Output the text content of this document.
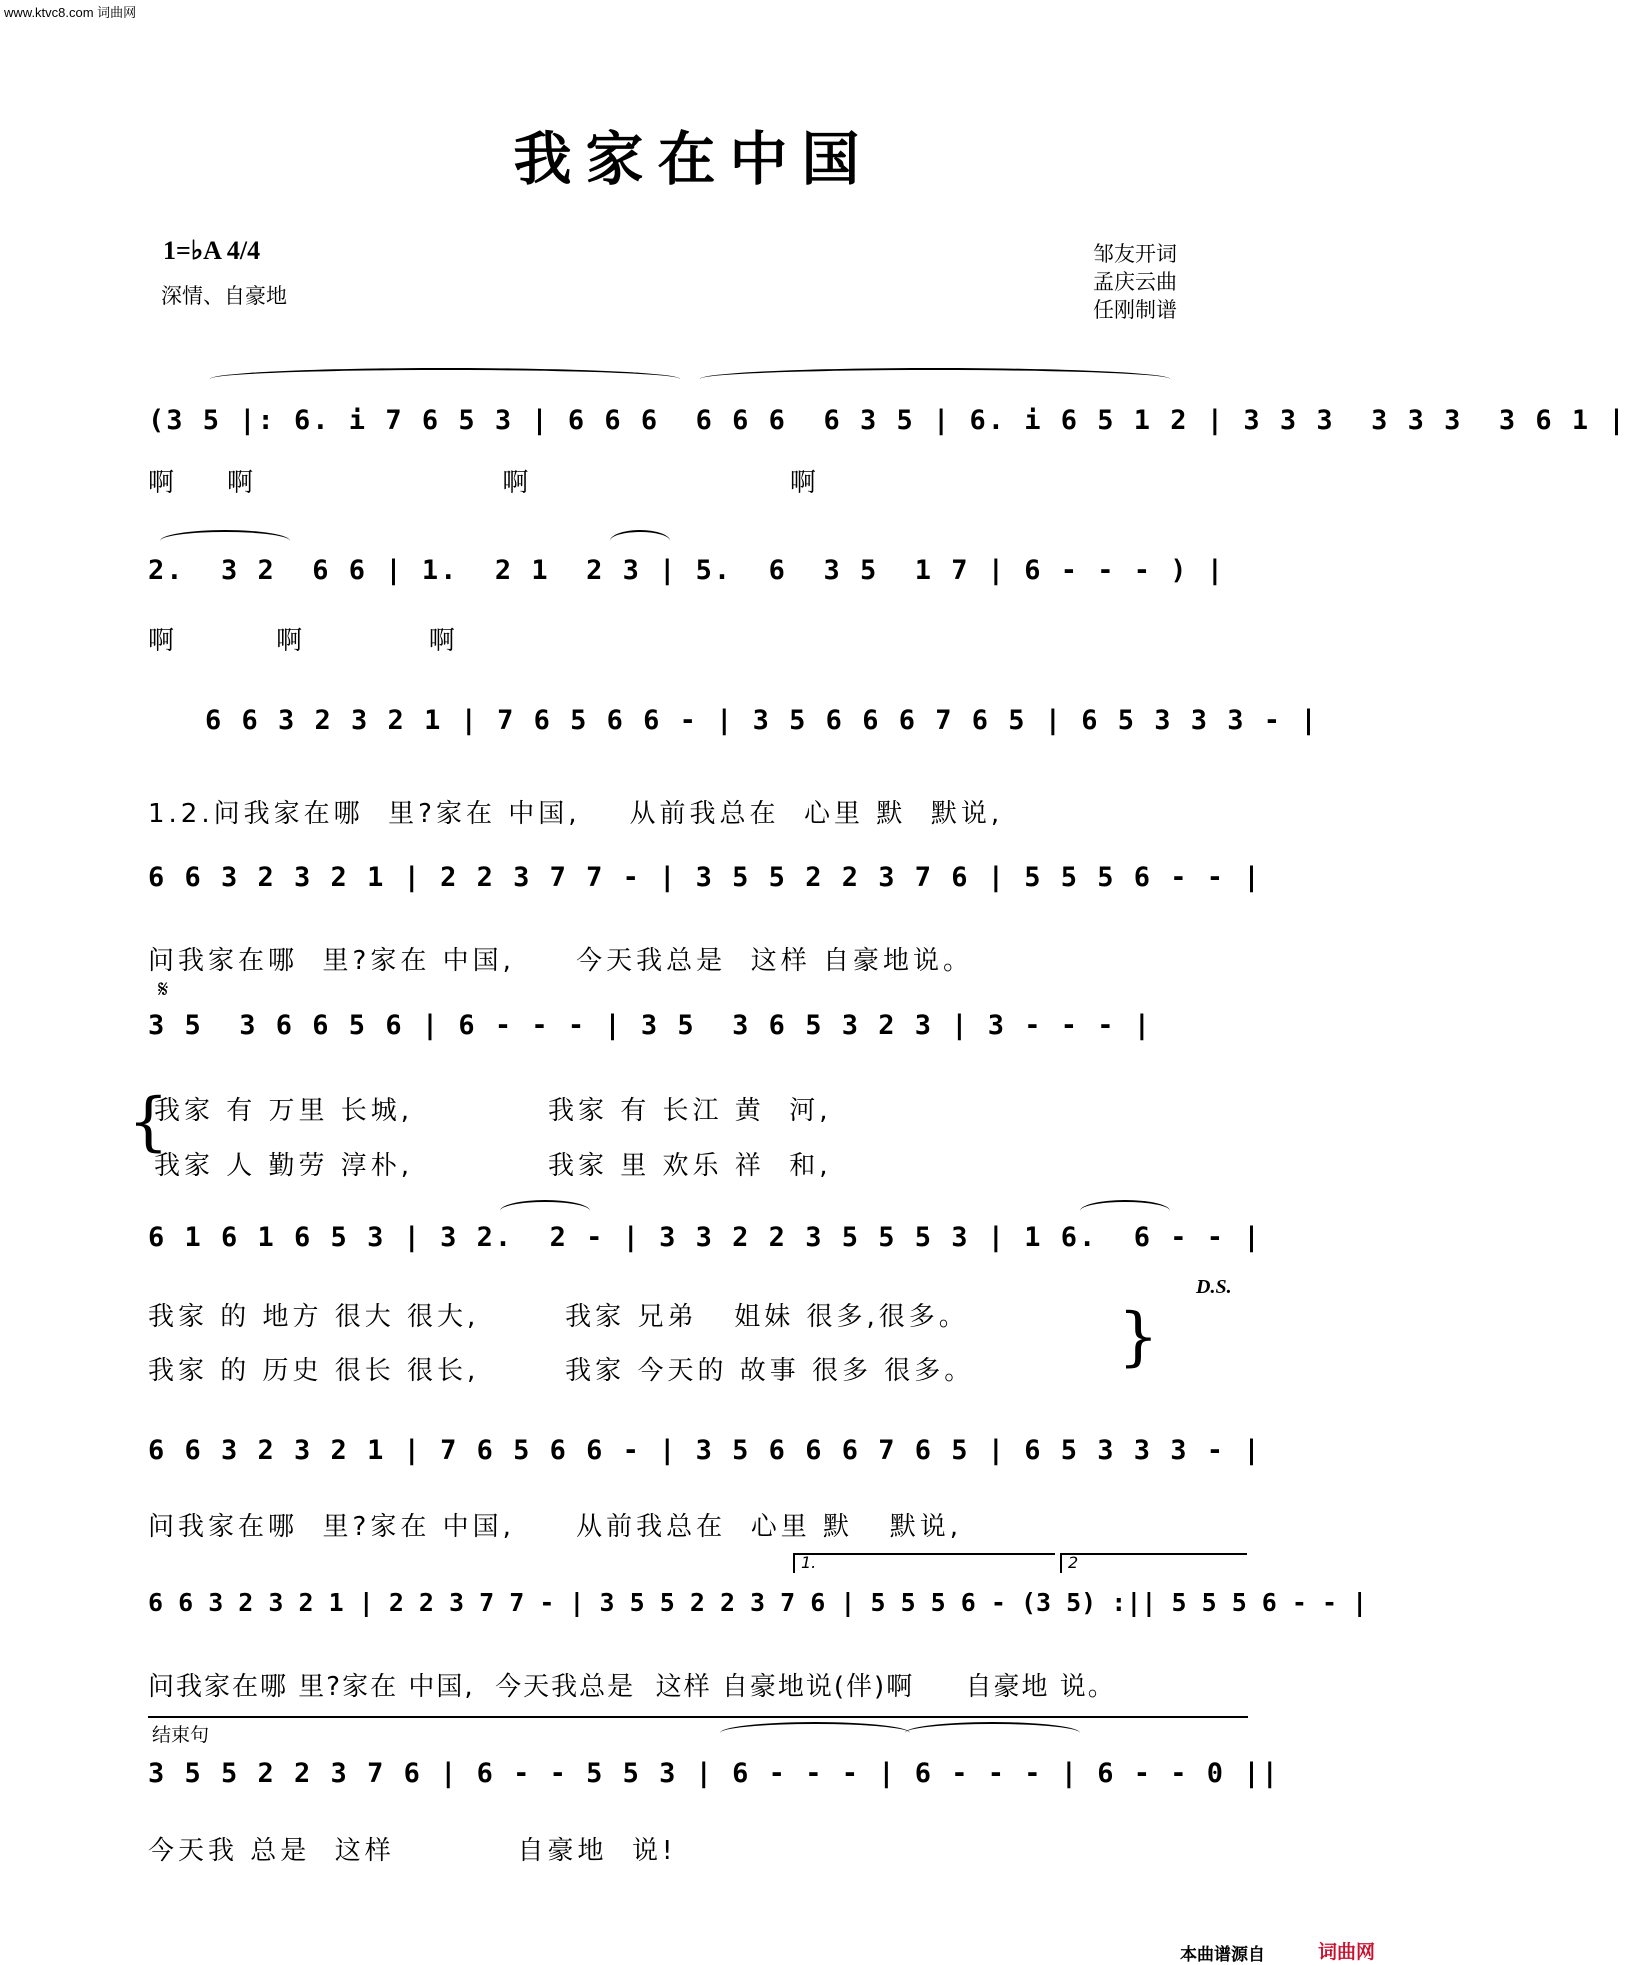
www.ktvc8.com 词曲网
我家在中国
1=♭A 4/4
深情、自豪地
邹友开词
孟庆云曲
任刚制谱
(3 5 |: 6. i 7 6 5 3 | 6 6 6  6 6 6  6 3 5 | 6. i 6 5 1 2 | 3 3 3  3 3 3  3 6 1 |
啊    啊                    啊                     啊
2.  3 2  6 6 | 1.  2 1  2 3 | 5.  6  3 5  1 7 | 6 - - - ) |
啊        啊          啊
6 6 3 2 3 2 1 | 7 6 5 6 6 - | 3 5 6 6 6 7 6 5 | 6 5 3 3 3 - |
1.2.问我家在哪  里?家在 中国,    从前我总在  心里 默  默说,
6 6 3 2 3 2 1 | 2 2 3 7 7 - | 3 5 5 2 2 3 7 6 | 5 5 5 6 - - |
问我家在哪  里?家在 中国,     今天我总是  这样 自豪地说。
𝄋
3 5  3 6 6 5 6 | 6 - - - | 3 5  3 6 5 3 2 3 | 3 - - - |
{
我家 有 万里 长城,           我家 有 长江 黄  河,
我家 人 勤劳 淳朴,           我家 里 欢乐 祥  和,
6 1 6 1 6 5 3 | 3 2.  2 - | 3 3 2 2 3 5 5 5 3 | 1 6.  6 - - |
D.S.
我家 的 地方 很大 很大,       我家 兄弟   姐妹 很多,很多。
我家 的 历史 很长 很长,       我家 今天的 故事 很多 很多。	}
6 6 3 2 3 2 1 | 7 6 5 6 6 - | 3 5 6 6 6 7 6 5 | 6 5 3 3 3 - |
问我家在哪  里?家在 中国,     从前我总在  心里 默   默说,
1.	2
6 6 3 2 3 2 1 | 2 2 3 7 7 - | 3 5 5 2 2 3 7 6 | 5 5 5 6 - (3 5) :|| 5 5 5 6 - - |
问我家在哪 里?家在 中国,  今天我总是  这样 自豪地说(伴)啊     自豪地 说。
结束句
3 5 5 2 2 3 7 6 | 6 - - 5 5 3 | 6 - - - | 6 - - - | 6 - - 0 ||
今天我 总是  这样          自豪地  说!
本曲谱源自	词曲网
